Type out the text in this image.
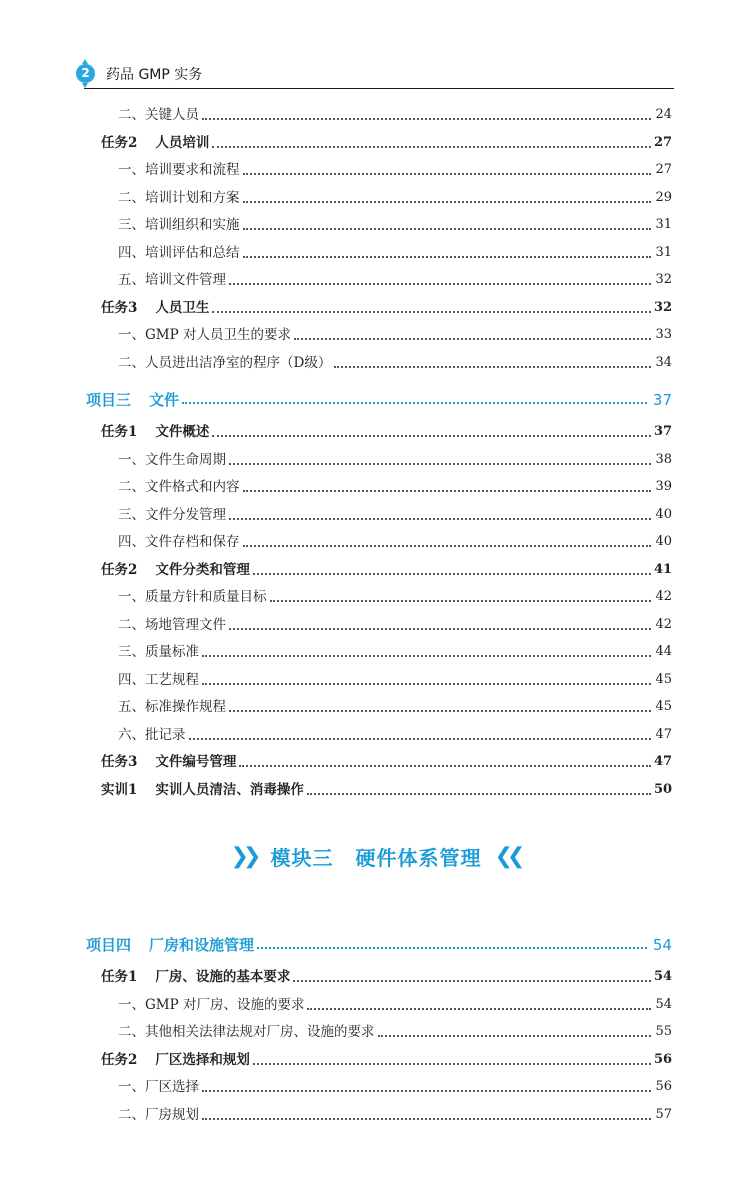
2	药品 GMP 实务
❯❯ 模块三 硬件体系管理 ❮❮
二、关键人员	24
任务2 人员培训	27
一、培训要求和流程	27
二、培训计划和方案	29
三、培训组织和实施	31
四、培训评估和总结	31
五、培训文件管理	32
任务3 人员卫生	32
一、GMP 对人员卫生的要求	33
二、人员进出洁净室的程序（D级）	34
项目三 文件	37
任务1 文件概述	37
一、文件生命周期	38
二、文件格式和内容	39
三、文件分发管理	40
四、文件存档和保存	40
任务2 文件分类和管理	41
一、质量方针和质量目标	42
二、场地管理文件	42
三、质量标准	44
四、工艺规程	45
五、标准操作规程	45
六、批记录	47
任务3 文件编号管理	47
实训1 实训人员清洁、消毒操作	50
项目四 厂房和设施管理	54
任务1 厂房、设施的基本要求	54
一、GMP 对厂房、设施的要求	54
二、其他相关法律法规对厂房、设施的要求	55
任务2 厂区选择和规划	56
一、厂区选择	56
二、厂房规划	57
